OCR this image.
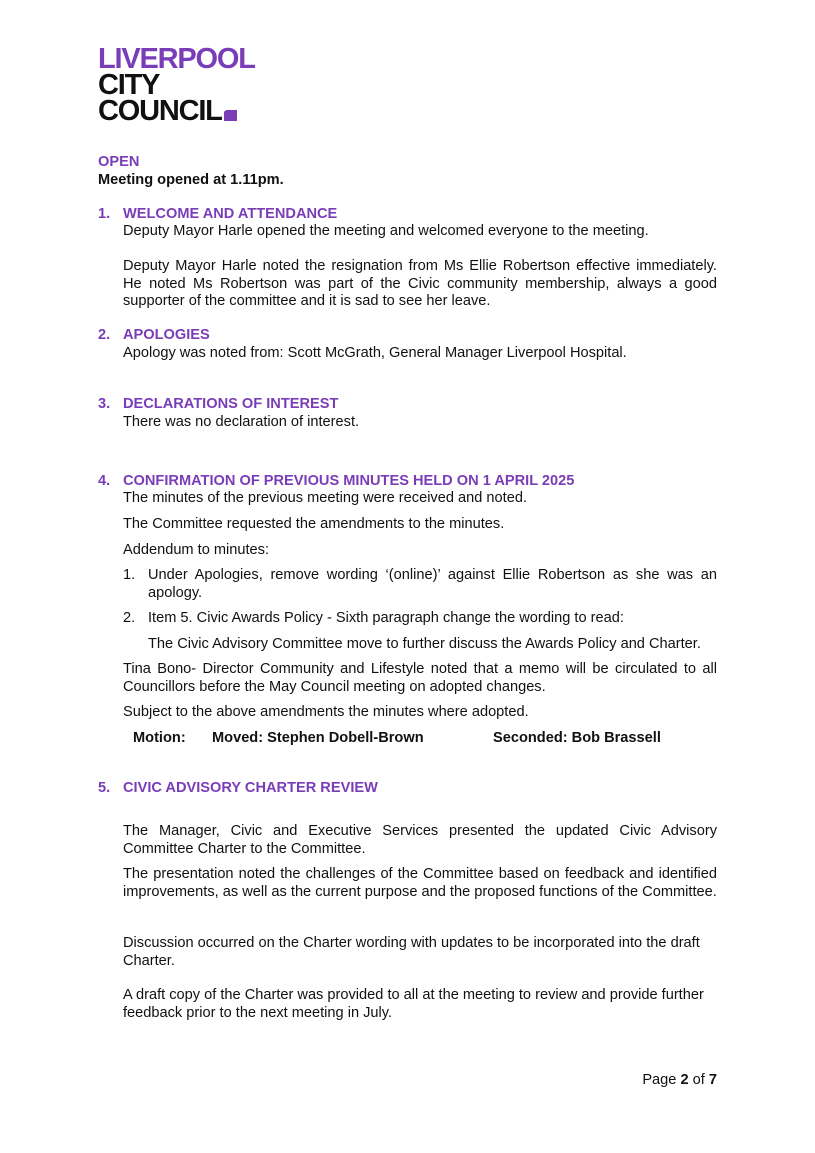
LIVERPOOL
CITY
COUNCIL
OPEN
Meeting opened at 1.11pm.
1. WELCOME AND ATTENDANCE
Deputy Mayor Harle opened the meeting and welcomed everyone to the meeting.
Deputy Mayor Harle noted the resignation from Ms Ellie Robertson effective immediately. He noted Ms Robertson was part of the Civic community membership, always a good supporter of the committee and it is sad to see her leave.
2. APOLOGIES
Apology was noted from: Scott McGrath, General Manager Liverpool Hospital.
3. DECLARATIONS OF INTEREST
There was no declaration of interest.
4. CONFIRMATION OF PREVIOUS MINUTES HELD ON 1 APRIL 2025
The minutes of the previous meeting were received and noted.
The Committee requested the amendments to the minutes.
Addendum to minutes:
1. Under Apologies, remove wording ‘(online)’ against Ellie Robertson as she was an apology.
2. Item 5. Civic Awards Policy - Sixth paragraph change the wording to read:
The Civic Advisory Committee move to further discuss the Awards Policy and Charter.
Tina Bono- Director Community and Lifestyle noted that a memo will be circulated to all Councillors before the May Council meeting on adopted changes.
Subject to the above amendments the minutes where adopted.
Motion: Moved: Stephen Dobell-Brown	Seconded: Bob Brassell
5. CIVIC ADVISORY CHARTER REVIEW
The Manager, Civic and Executive Services presented the updated Civic Advisory Committee Charter to the Committee.
The presentation noted the challenges of the Committee based on feedback and identified improvements, as well as the current purpose and the proposed functions of the Committee.
Discussion occurred on the Charter wording with updates to be incorporated into the draft Charter.
A draft copy of the Charter was provided to all at the meeting to review and provide further feedback prior to the next meeting in July.
Page 2 of 7
